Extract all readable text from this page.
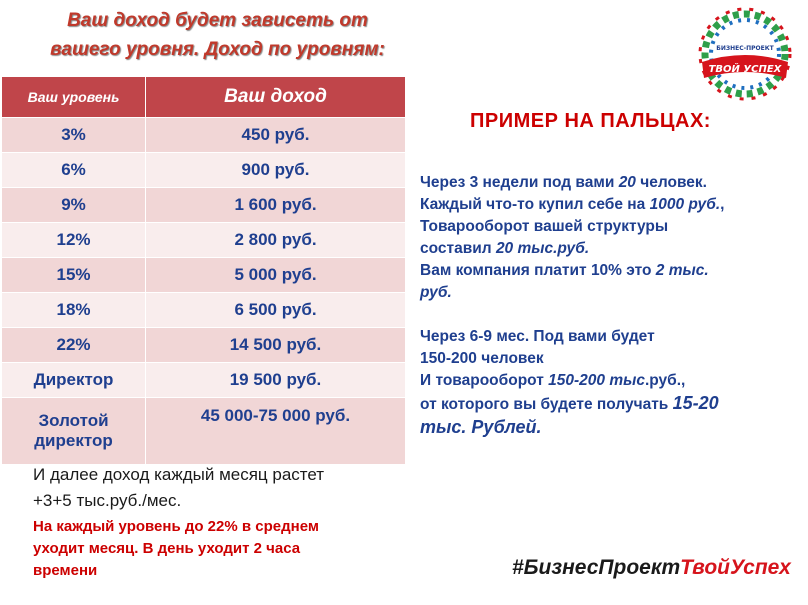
Ваш доход будет зависеть от
вашего уровня. Доход по уровням:
Ваш уровень	Ваш доход
3%	450 руб.
6%	900 руб.
9%	1 600 руб.
12%	2 800 руб.
15%	5 000 руб.
18%	6 500 руб.
22%	14 500 руб.
Директор	19 500 руб.
Золотой
директор	45 000-75 000 руб.
И далее доход каждый месяц растет
+3+5 тыс.руб./мес.
На каждый уровень до 22% в среднем
уходит месяц. В день уходит 2 часа
времени
ПРИМЕР НА ПАЛЬЦАХ:
Через 3 недели под вами 20 человек.
Каждый что-то купил себе на 1000 руб.,
Товарооборот вашей структуры
составил 20 тыс.руб.
Вам компания платит 10% это 2 тыс.
руб.
Через 6-9 мес. Под вами будет
150-200 человек
И товарооборот 150-200 тыс.руб.,
от которого вы будете получать 15-20
тыс. Рублей.
БИЗНЕС-ПРОЕКТ
ТВОЙ УСПЕХ
#БизнесПроектТвойУспех
